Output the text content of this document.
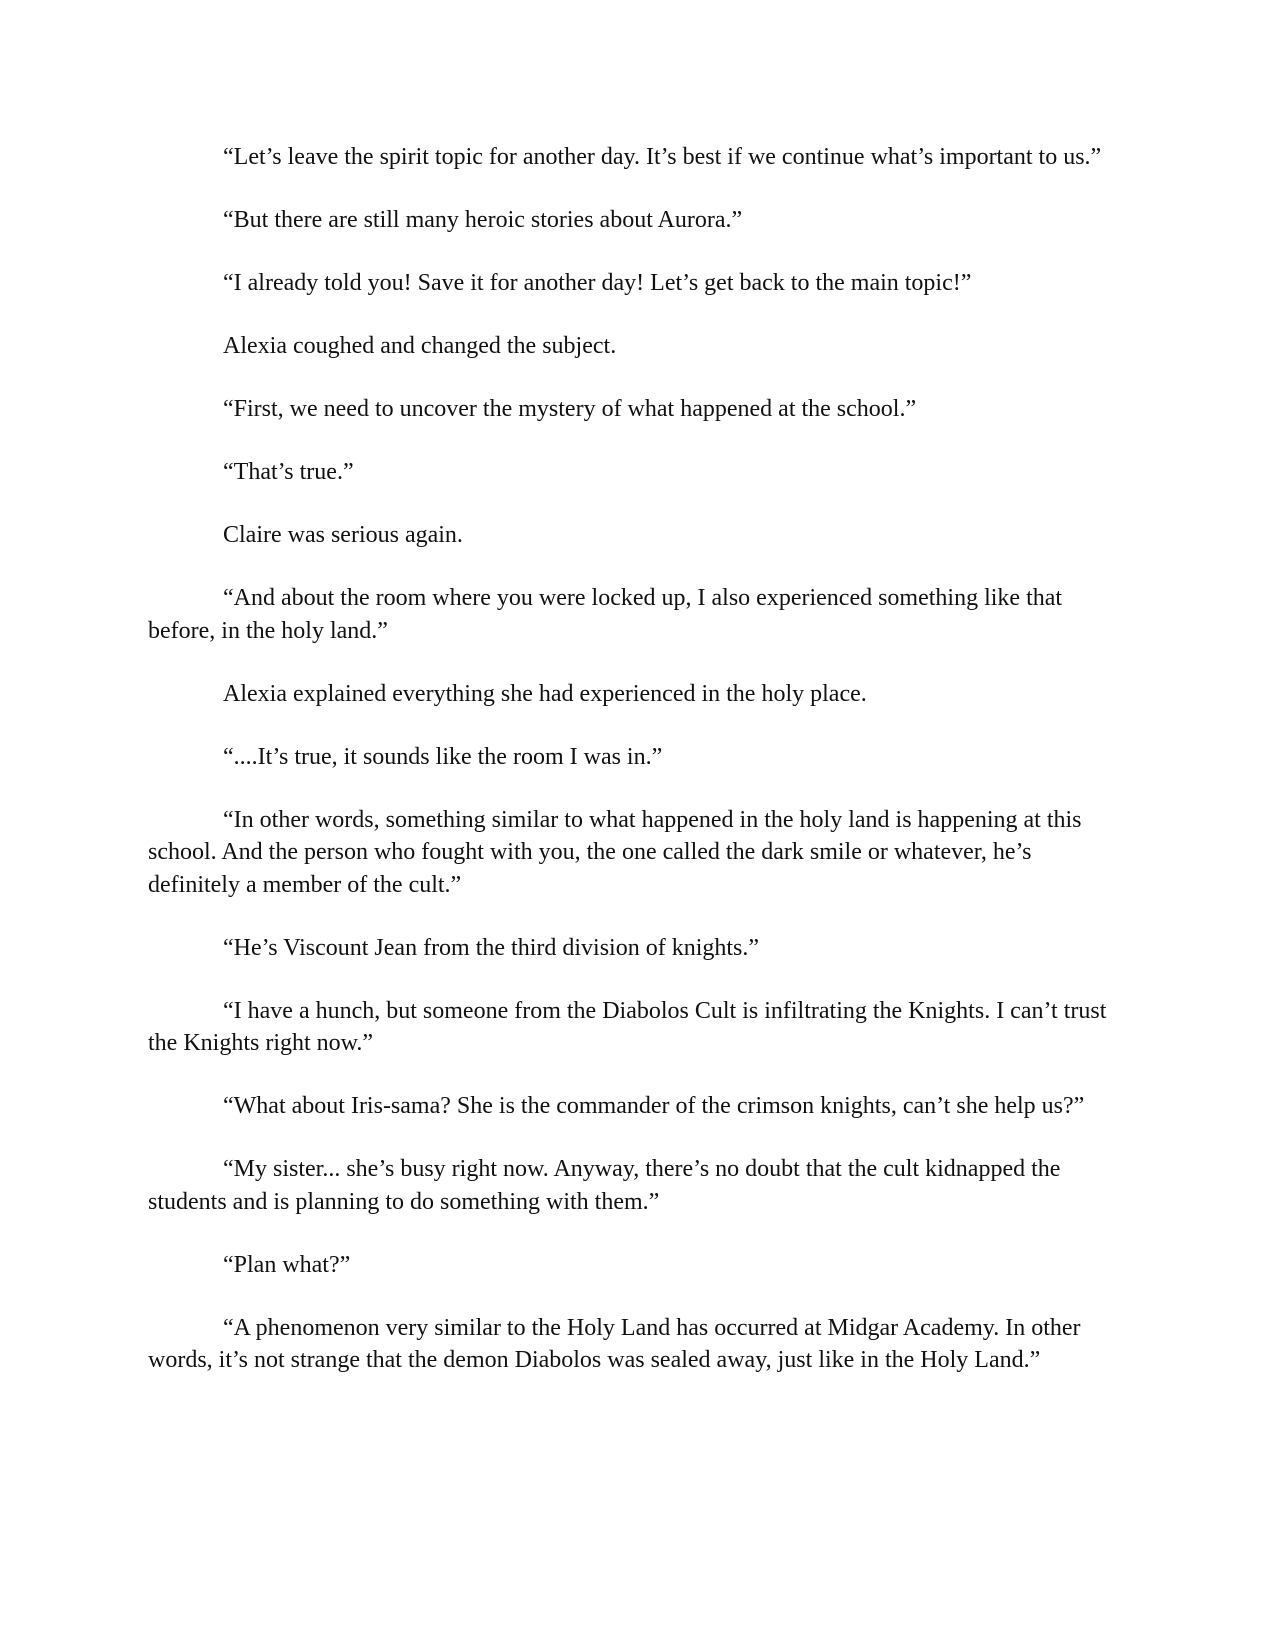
“Let’s leave the spirit topic for another day. It’s best if we continue what’s important to us.”

“But there are still many heroic stories about Aurora.”

“I already told you! Save it for another day! Let’s get back to the main topic!”

Alexia coughed and changed the subject.

“First, we need to uncover the mystery of what happened at the school.”

“That’s true.”

Claire was serious again.

“And about the room where you were locked up, I also experienced something like that before, in the holy land.”

Alexia explained everything she had experienced in the holy place.

“....It’s true, it sounds like the room I was in.”

“In other words, something similar to what happened in the holy land is happening at this school. And the person who fought with you, the one called the dark smile or whatever, he’s definitely a member of the cult.”

“He’s Viscount Jean from the third division of knights.”

“I have a hunch, but someone from the Diabolos Cult is infiltrating the Knights. I can’t trust the Knights right now.”

“What about Iris-sama? She is the commander of the crimson knights, can’t she help us?”

“My sister... she’s busy right now. Anyway, there’s no doubt that the cult kidnapped the students and is planning to do something with them.”

“Plan what?”

“A phenomenon very similar to the Holy Land has occurred at Midgar Academy. In other words, it’s not strange that the demon Diabolos was sealed away, just like in the Holy Land.”
